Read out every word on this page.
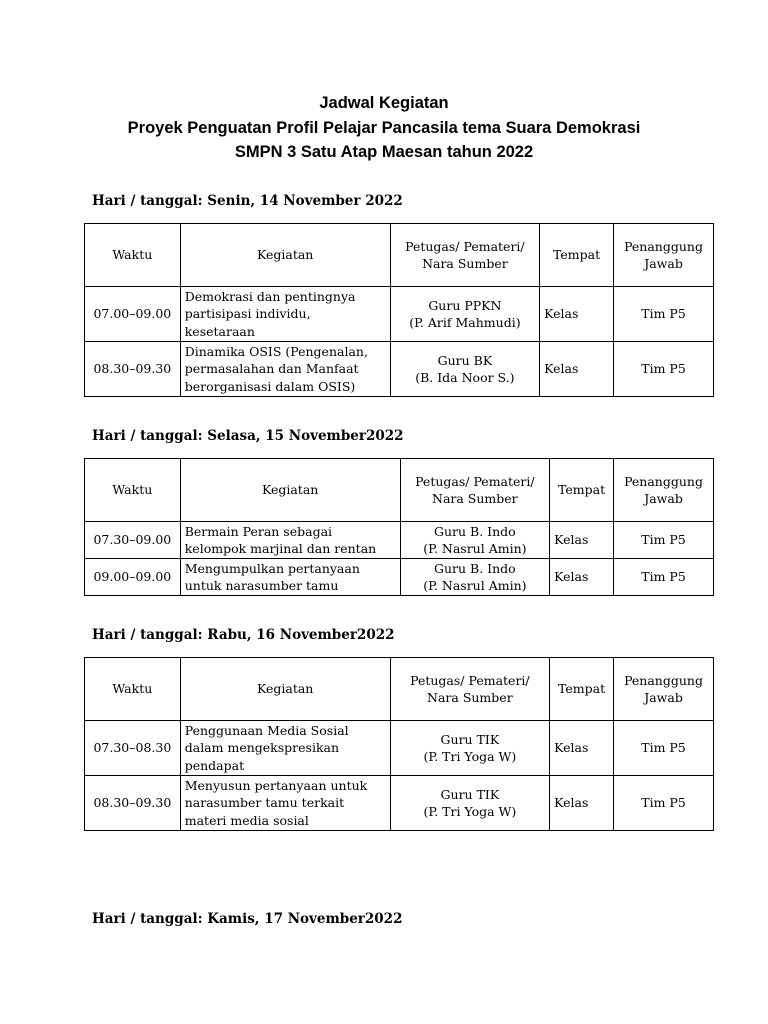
Jadwal Kegiatan
Proyek Penguatan Profil Pelajar Pancasila tema Suara Demokrasi
SMPN 3 Satu Atap Maesan tahun 2022
Hari / tanggal: Senin, 14 November 2022
Waktu	Kegiatan	Petugas/ Pemateri/
Nara Sumber	Tempat	Penanggung
Jawab

07.00–09.00	Demokrasi dan pentingnya
partisipasi individu,
kesetaraan	Guru PPKN
(P. Arif Mahmudi)	Kelas	Tim P5
08.30–09.30	Dinamika OSIS (Pengenalan,
permasalahan dan Manfaat
berorganisasi dalam OSIS)	Guru BK
(B. Ida Noor S.)	Kelas	Tim P5
Hari / tanggal: Selasa, 15 November2022
Waktu	Kegiatan	Petugas/ Pemateri/
Nara Sumber	Tempat	Penanggung
Jawab

07.30–09.00	Bermain Peran sebagai
kelompok marjinal dan rentan	Guru B. Indo
(P. Nasrul Amin)	Kelas	Tim P5
09.00–09.00	Mengumpulkan pertanyaan
untuk narasumber tamu	Guru B. Indo
(P. Nasrul Amin)	Kelas	Tim P5
Hari / tanggal: Rabu, 16 November2022
Waktu	Kegiatan	Petugas/ Pemateri/
Nara Sumber	Tempat	Penanggung
Jawab

07.30–08.30	Penggunaan Media Sosial
dalam mengekspresikan
pendapat	Guru TIK
(P. Tri Yoga W)	Kelas	Tim P5
08.30–09.30	Menyusun pertanyaan untuk
narasumber tamu terkait
materi media sosial	Guru TIK
(P. Tri Yoga W)	Kelas	Tim P5
Hari / tanggal: Kamis, 17 November2022
